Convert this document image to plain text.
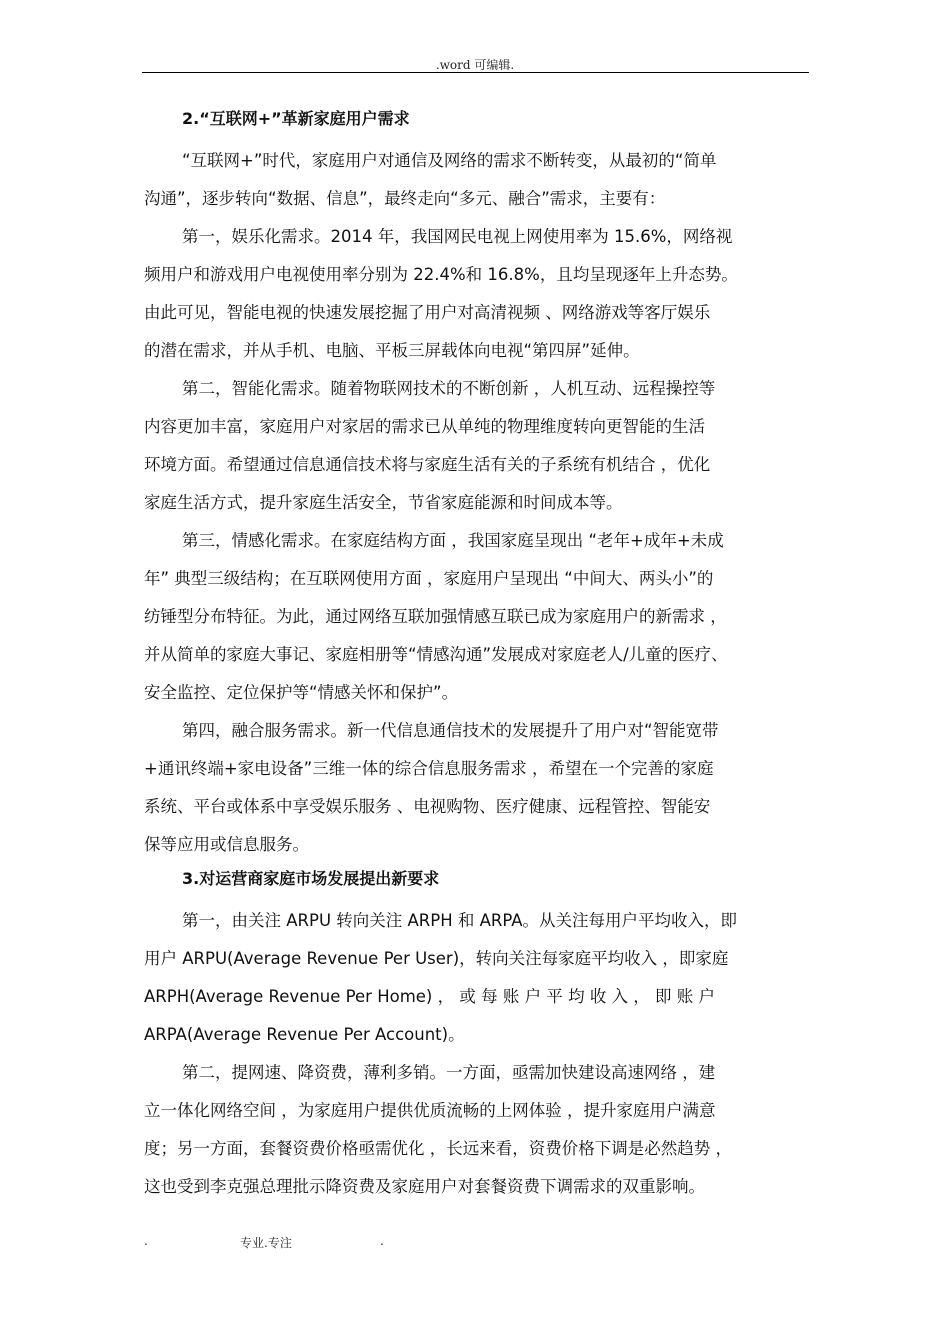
.word 可编辑.
2.“互联网+”革新家庭用户需求
“互联网+”时代，家庭用户对通信及网络的需求不断转变，从最初的“简单
沟通”，逐步转向“数据、信息”，最终走向“多元、融合”需求，主要有：
第一，娱乐化需求。2014 年，我国网民电视上网使用率为 15.6%，网络视
频用户和游戏用户电视使用率分别为 22.4%和 16.8%，且均呈现逐年上升态势。
由此可见，智能电视的快速发展挖掘了用户对高清视频 、网络游戏等客厅娱乐
的潜在需求，并从手机、电脑、平板三屏载体向电视“第四屏”延伸。
第二，智能化需求。随着物联网技术的不断创新 ，人机互动、远程操控等
内容更加丰富，家庭用户对家居的需求已从单纯的物理维度转向更智能的生活
环境方面。希望通过信息通信技术将与家庭生活有关的子系统有机结合 ，优化
家庭生活方式，提升家庭生活安全，节省家庭能源和时间成本等。
第三，情感化需求。在家庭结构方面 ，我国家庭呈现出 “老年+成年+未成
年” 典型三级结构；在互联网使用方面 ，家庭用户呈现出 “中间大、两头小”的
纺锤型分布特征。为此，通过网络互联加强情感互联已成为家庭用户的新需求 ，
并从简单的家庭大事记、家庭相册等“情感沟通”发展成对家庭老人/儿童的医疗、
安全监控、定位保护等“情感关怀和保护”。
第四，融合服务需求。新一代信息通信技术的发展提升了用户对“智能宽带
+通讯终端+家电设备”三维一体的综合信息服务需求 ，希望在一个完善的家庭
系统、平台或体系中享受娱乐服务 、电视购物、医疗健康、远程管控、智能安
保等应用或信息服务。
3.对运营商家庭市场发展提出新要求
第一，由关注 ARPU 转向关注 ARPH 和 ARPA。从关注每用户平均收入，即
用户 ARPU(Average Revenue Per User)，转向关注每家庭平均收入 ，即家庭
ARPH(Average Revenue Per Home) ， 或 每 账 户 平 均 收 入 ， 即 账 户
ARPA(Average Revenue Per Account)。
第二，提网速、降资费，薄利多销。一方面，亟需加快建设高速网络 ，建
立一体化网络空间 ，为家庭用户提供优质流畅的上网体验 ，提升家庭用户满意
度；另一方面，套餐资费价格亟需优化 ，长远来看，资费价格下调是必然趋势 ，
这也受到李克强总理批示降资费及家庭用户对套餐资费下调需求的双重影响。
.	专业.专注	.
